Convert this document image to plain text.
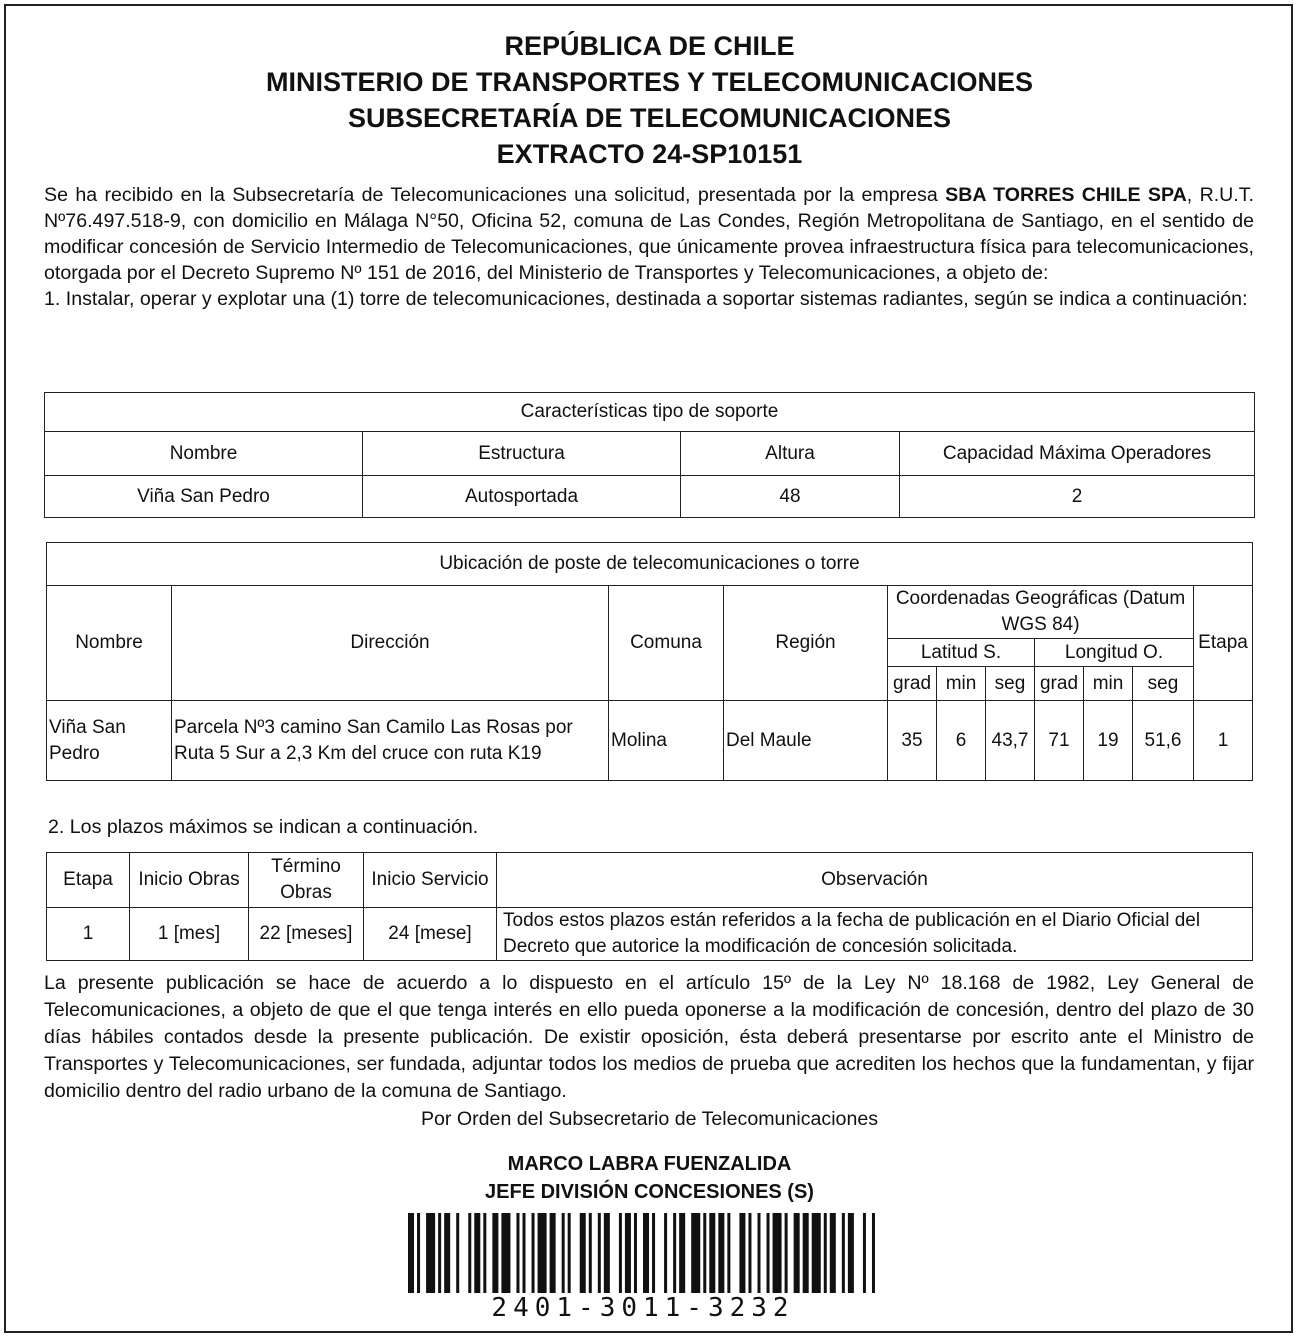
REPÚBLICA DE CHILE
MINISTERIO DE TRANSPORTES Y TELECOMUNICACIONES
SUBSECRETARÍA DE TELECOMUNICACIONES
EXTRACTO 24-SP10151

Se ha recibido en la Subsecretaría de Telecomunicaciones una solicitud, presentada por la empresa SBA TORRES CHILE SPA, R.U.T. Nº76.497.518-9, con domicilio en Málaga N°50, Oficina 52, comuna de Las Condes, Región Metropolitana de Santiago, en el sentido de modificar concesión de Servicio Intermedio de Telecomunicaciones, que únicamente provea infraestructura física para telecomunicaciones, otorgada por el Decreto Supremo Nº 151 de 2016, del Ministerio de Transportes y Telecomunicaciones, a objeto de:

1. Instalar, operar y explotar una (1) torre de telecomunicaciones, destinada a soportar sistemas radiantes, según se indica a continuación:

Características tipo de soporte			
Nombre	Estructura	Altura	Capacidad Máxima Operadores
Viña San Pedro	Autosportada	48	2
Ubicación de poste de telecomunicaciones o torre										
Nombre	Dirección	Comuna	Región	Coordenadas Geográficas (Datum WGS 84)						Etapa
				Latitud S.			Longitud O.			
				grad	min	seg	grad	min	seg	
Viña San Pedro	Parcela Nº3 camino San Camilo Las Rosas por Ruta 5 Sur a 2,3 Km del cruce con ruta K19	Molina	Del Maule	35	6	43,7	71	19	51,6	1
2. Los plazos máximos se indican a continuación.
Etapa	Inicio Obras	Término Obras	Inicio Servicio	Observación
1	1 [mes]	22 [meses]	24 [mese]	Todos estos plazos están referidos a la fecha de publicación en el Diario Oficial del Decreto que autorice la modificación de concesión solicitada.
La presente publicación se hace de acuerdo a lo dispuesto en el artículo 15º de la Ley Nº 18.168 de 1982, Ley General de Telecomunicaciones, a objeto de que el que tenga interés en ello pueda oponerse a la modificación de concesión, dentro del plazo de 30 días hábiles contados desde la presente publicación. De existir oposición, ésta deberá presentarse por escrito ante el Ministro de Transportes y Telecomunicaciones, ser fundada, adjuntar todos los medios de prueba que acrediten los hechos que la fundamentan, y fijar domicilio dentro del radio urbano de la comuna de Santiago.
Por Orden del Subsecretario de Telecomunicaciones
MARCO LABRA FUENZALIDA
JEFE DIVISIÓN CONCESIONES (S)
2401-3011-3232
